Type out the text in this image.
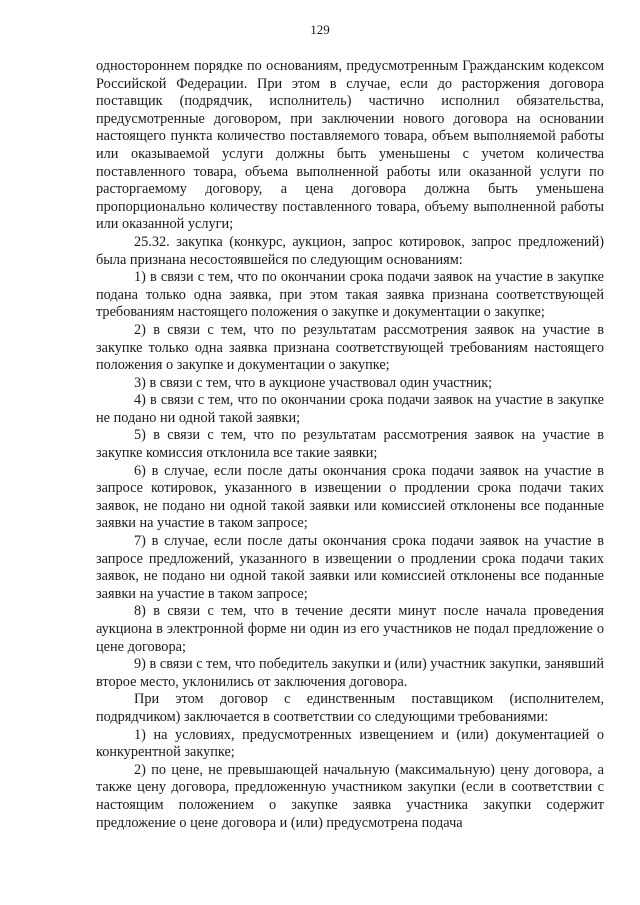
129

одностороннем порядке по основаниям, предусмотренным Гражданским кодексом Российской Федерации. При этом в случае, если до расторжения договора поставщик (подрядчик, исполнитель) частично исполнил обязательства, предусмотренные договором, при заключении нового договора на основании настоящего пункта количество поставляемого товара, объем выполняемой работы или оказываемой услуги должны быть уменьшены с учетом количества поставленного товара, объема выполненной работы или оказанной услуги по расторгаемому договору, а цена договора должна быть уменьшена пропорционально количеству поставленного товара, объему выполненной работы или оказанной услуги;

25.32. закупка (конкурс, аукцион, запрос котировок, запрос предложений) была признана несостоявшейся по следующим основаниям:

1) в связи с тем, что по окончании срока подачи заявок на участие в закупке подана только одна заявка, при этом такая заявка признана соответствующей требованиям настоящего положения о закупке и документации о закупке;

2) в связи с тем, что по результатам рассмотрения заявок на участие в закупке только одна заявка признана соответствующей требованиям настоящего положения о закупке и документации о закупке;

3) в связи с тем, что в аукционе участвовал один участник;

4) в связи с тем, что по окончании срока подачи заявок на участие в закупке не подано ни одной такой заявки;

5) в связи с тем, что по результатам рассмотрения заявок на участие в закупке комиссия отклонила все такие заявки;

6) в случае, если после даты окончания срока подачи заявок на участие в запросе котировок, указанного в извещении о продлении срока подачи таких заявок, не подано ни одной такой заявки или комиссией отклонены все поданные заявки на участие в таком запросе;

7) в случае, если после даты окончания срока подачи заявок на участие в запросе предложений, указанного в извещении о продлении срока подачи таких заявок, не подано ни одной такой заявки или комиссией отклонены все поданные заявки на участие в таком запросе;

8) в связи с тем, что в течение десяти минут после начала проведения аукциона в электронной форме ни один из его участников не подал предложение о цене договора;

9) в связи с тем, что победитель закупки и (или) участник закупки, занявший второе место, уклонились от заключения договора.

При этом договор с единственным поставщиком (исполнителем, подрядчиком) заключается в соответствии со следующими требованиями:

1) на условиях, предусмотренных извещением и (или) документацией о конкурентной закупке;

2) по цене, не превышающей начальную (максимальную) цену договора, а также цену договора, предложенную участником закупки (если в соответствии с настоящим положением о закупке заявка участника закупки содержит предложение о цене договора и (или) предусмотрена подача
